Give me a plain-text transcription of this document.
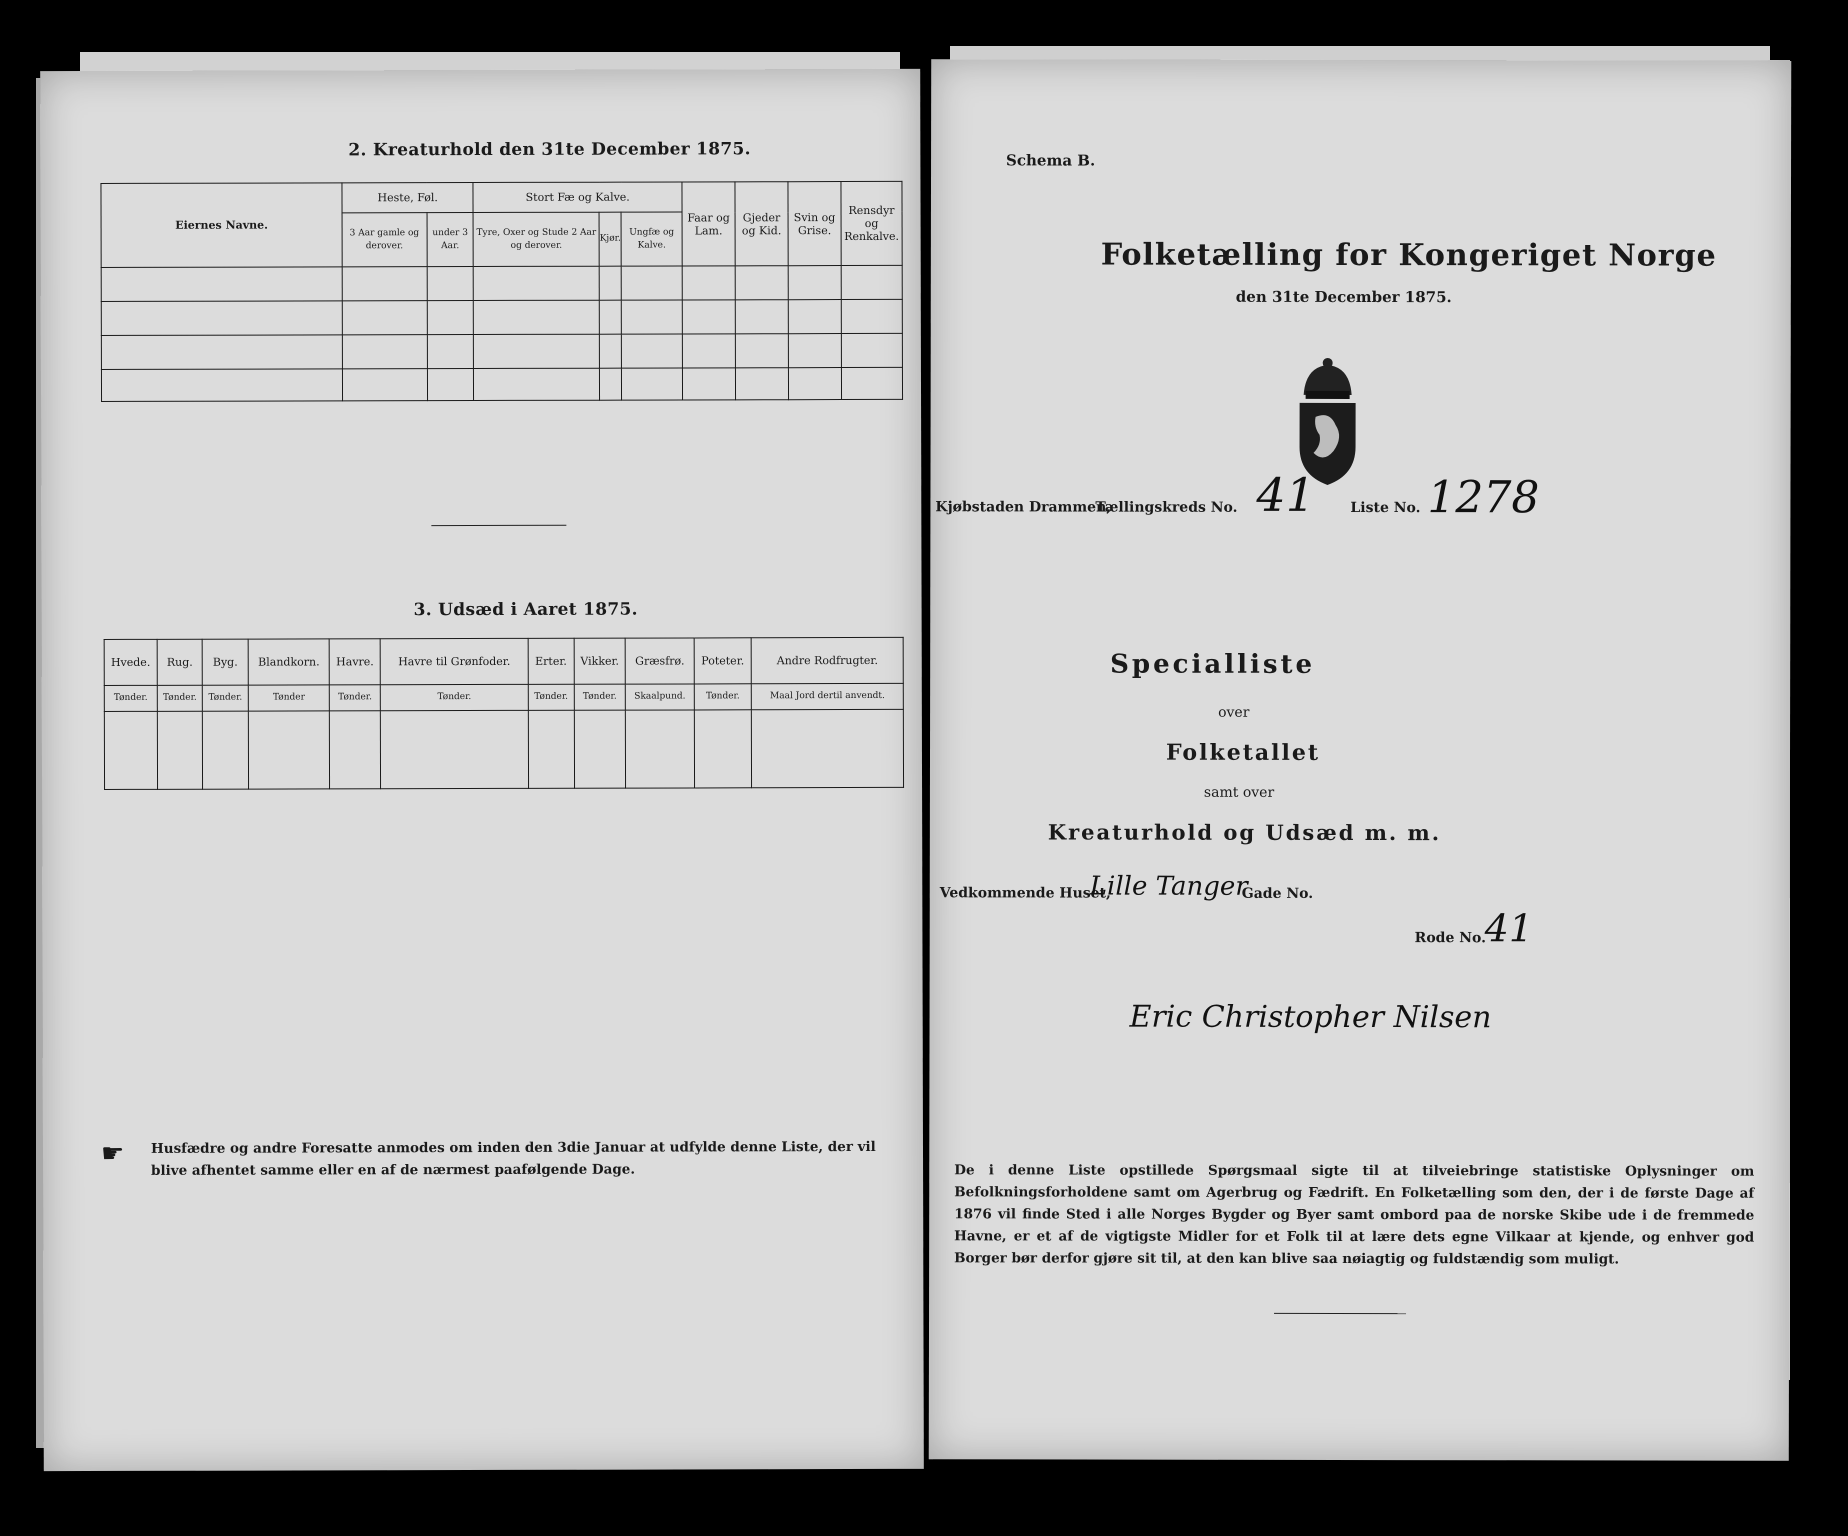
2. Kreaturhold den 31te December 1875.
Eiernes Navne.	Heste, Føl.		Stort Fæ og Kalve.			Faar og Lam.	Gjeder og Kid.	Svin og Grise.	Rensdyr og Renkalve.
	3 Aar gamle og derover.	under 3 Aar.	Tyre, Oxer og Stude 2 Aar og derover.	Kjør.	Ungfæ og Kalve.				

3. Udsæd i Aaret 1875.
Hvede.	Rug.	Byg.	Blandkorn.	Havre.	Havre til Grønfoder.	Erter.	Vikker.	Græsfrø.	Poteter.	Andre Rodfrugter.
Tønder.	Tønder.	Tønder.	Tønder	Tønder.	Tønder.	Tønder.	Tønder.	Skaalpund.	Tønder.	Maal Jord dertil anvendt.

☛ Husfædre og andre Foresatte anmodes om inden den 3die Januar at udfylde denne Liste, der vil blive afhentet samme eller en af de nærmest paafølgende Dage.
Schema B.
Folketælling for Kongeriget Norge
den 31te December 1875.
Kjøbstaden Drammen,
Tællingskreds No. 41	Liste No. 1278
Specialliste
over
Folketallet
samt over
Kreaturhold og Udsæd m. m.
Vedkommende Huset,
Lille Tanger
Gade No.
Rode No.
41
Eric Christopher Nilsen
De i denne Liste opstillede Spørgsmaal sigte til at tilveiebringe statistiske Oplysninger om Befolkningsforholdene samt om Agerbrug og Fædrift. En Folketælling som den, der i de første Dage af 1876 vil finde Sted i alle Norges Bygder og Byer samt ombord paa de norske Skibe ude i de fremmede Havne, er et af de vigtigste Midler for et Folk til at lære dets egne Vilkaar at kjende, og enhver god Borger bør derfor gjøre sit til, at den kan blive saa nøiagtig og fuldstændig som muligt.
